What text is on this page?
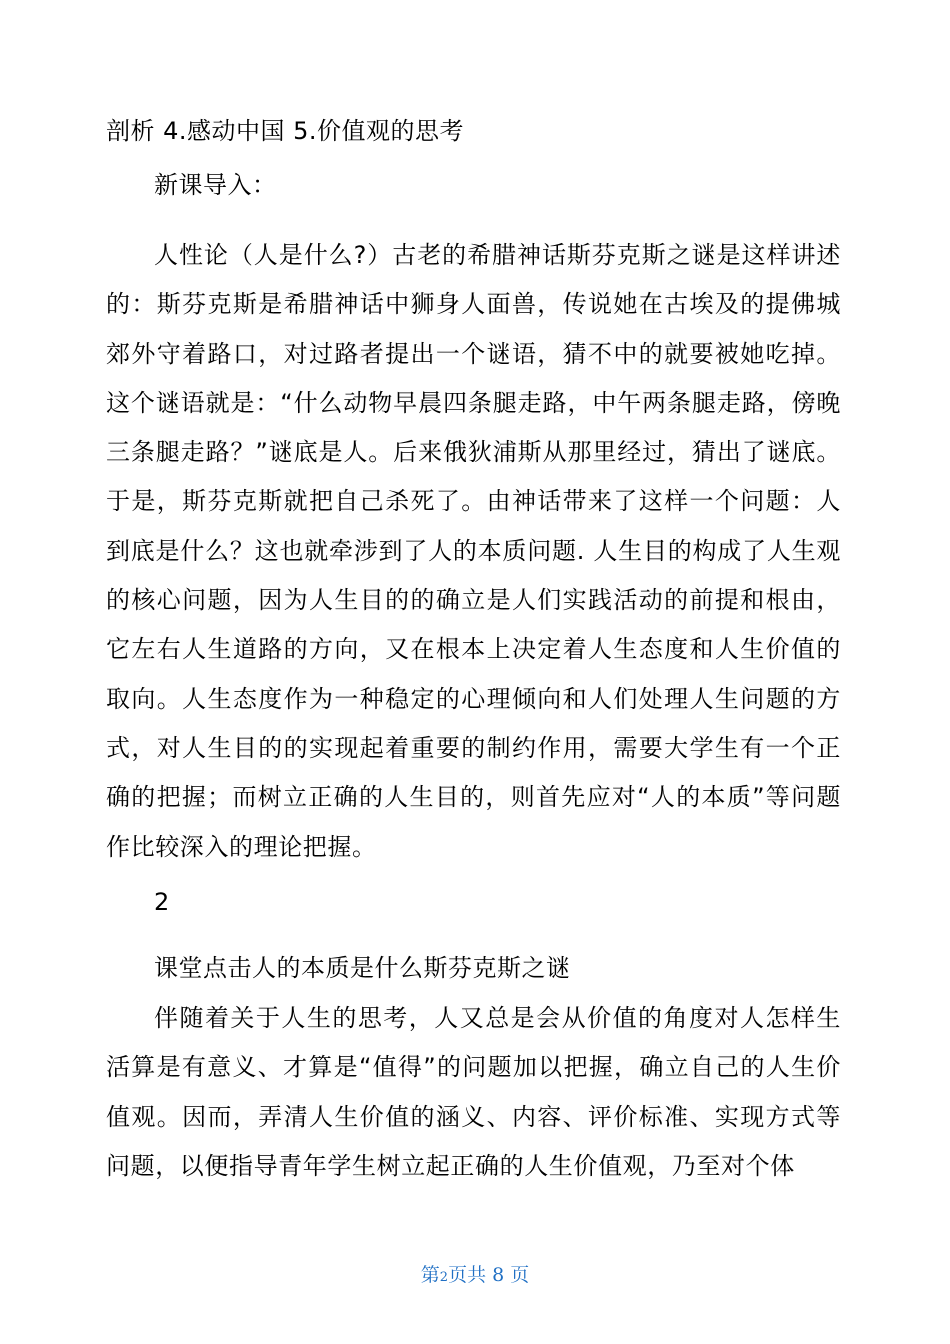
剖析 4.感动中国 5.价值观的思考
新课导入：
人性论（人是什么?）古老的希腊神话斯芬克斯之谜是这样讲述的：斯芬克斯是希腊神话中狮身人面兽，传说她在古埃及的提佛城郊外守着路口，对过路者提出一个谜语，猜不中的就要被她吃掉。这个谜语就是：“什么动物早晨四条腿走路，中午两条腿走路，傍晚三条腿走路？”谜底是人。后来俄狄浦斯从那里经过，猜出了谜底。于是，斯芬克斯就把自己杀死了。由神话带来了这样一个问题：人到底是什么？这也就牵涉到了人的本质问题. 人生目的构成了人生观的核心问题，因为人生目的的确立是人们实践活动的前提和根由，它左右人生道路的方向，又在根本上决定着人生态度和人生价值的取向。人生态度作为一种稳定的心理倾向和人们处理人生问题的方式，对人生目的的实现起着重要的制约作用，需要大学生有一个正确的把握；而树立正确的人生目的，则首先应对“人的本质”等问题作比较深入的理论把握。
2
课堂点击人的本质是什么斯芬克斯之谜
伴随着关于人生的思考，人又总是会从价值的角度对人怎样生活算是有意义、才算是“值得”的问题加以把握，确立自己的人生价值观。因而，弄清人生价值的涵义、内容、评价标准、实现方式等问题，以便指导青年学生树立起正确的人生价值观，乃至对个体
第2页共 8 页
